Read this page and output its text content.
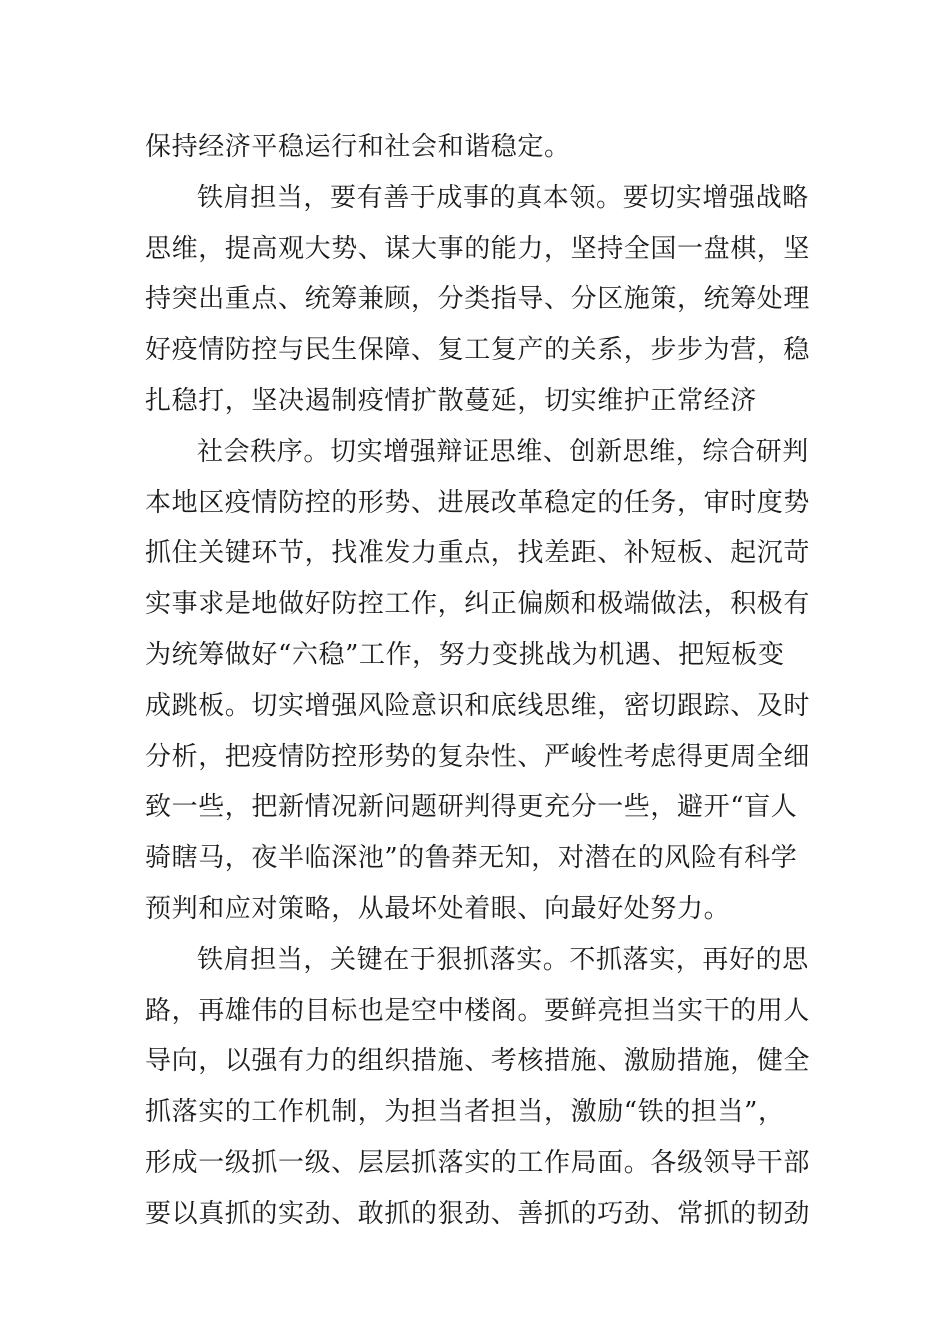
保持经济平稳运行和社会和谐稳定。
铁肩担当，要有善于成事的真本领。要切实增强战略
思维，提高观大势、谋大事的能力，坚持全国一盘棋，坚
持突出重点、统筹兼顾，分类指导、分区施策，统筹处理
好疫情防控与民生保障、复工复产的关系，步步为营，稳
扎稳打，坚决遏制疫情扩散蔓延，切实维护正常经济
社会秩序。切实增强辩证思维、创新思维，综合研判
本地区疫情防控的形势、进展改革稳定的任务，审时度势
抓住关键环节，找准发力重点，找差距、补短板、起沉苛
实事求是地做好防控工作，纠正偏颇和极端做法，积极有
为统筹做好“六稳”工作，努力变挑战为机遇、把短板变
成跳板。切实增强风险意识和底线思维，密切跟踪、及时
分析，把疫情防控形势的复杂性、严峻性考虑得更周全细
致一些，把新情况新问题研判得更充分一些，避开“盲人
骑瞎马，夜半临深池”的鲁莽无知，对潜在的风险有科学
预判和应对策略，从最坏处着眼、向最好处努力。
铁肩担当，关键在于狠抓落实。不抓落实，再好的思
路，再雄伟的目标也是空中楼阁。要鲜亮担当实干的用人
导向，以强有力的组织措施、考核措施、激励措施，健全
抓落实的工作机制，为担当者担当，激励“铁的担当”，
形成一级抓一级、层层抓落实的工作局面。各级领导干部
要以真抓的实劲、敢抓的狠劲、善抓的巧劲、常抓的韧劲
